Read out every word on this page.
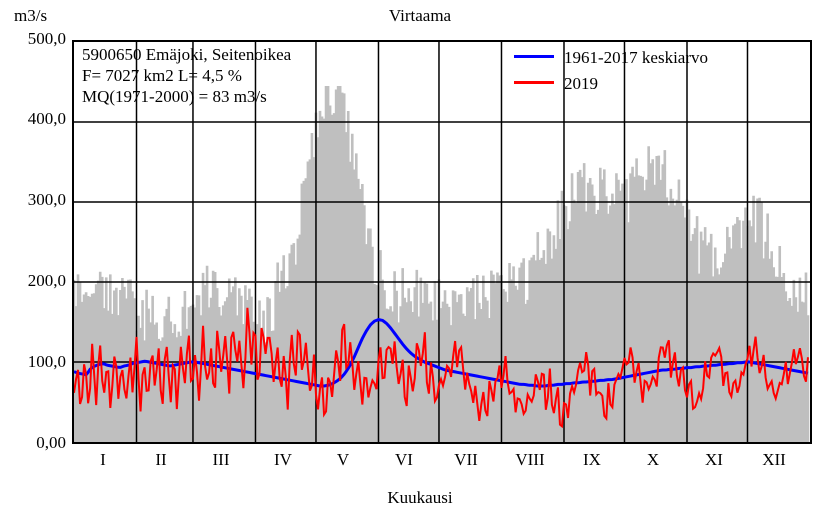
m3/s	Virtaama
Kuukausi
0,00
100,0
200,0
300,0
400,0
500,0
I	II	III	IV	V	VI VII VIII IX	X	XI XII
5900650 Emäjoki, Seitenoikea
F= 7027 km2 L= 4,5 %
MQ(1971-2000) = 83 m3/s
1961-2017 keskiarvo
2019
